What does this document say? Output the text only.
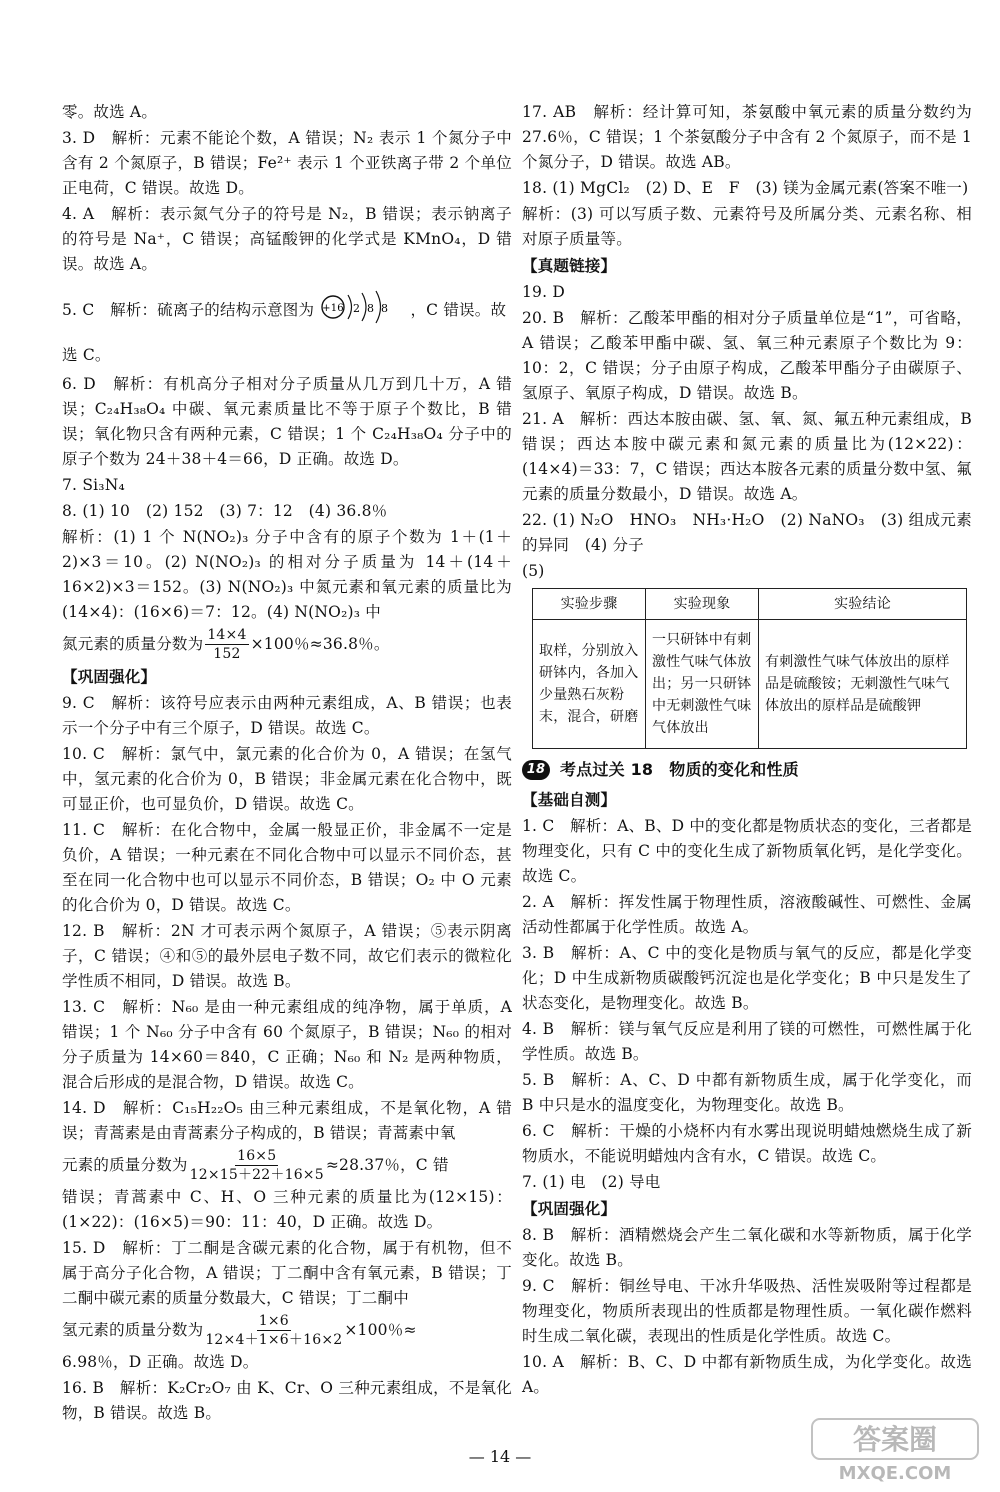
零。故选 A。

3. D　解析：元素不能论个数，A 错误；N₂ 表示 1 个氮分子中含有 2 个氮原子，B 错误；Fe²⁺ 表示 1 个亚铁离子带 2 个单位正电荷，C 错误。故选 D。

4. A　解析：表示氮气分子的符号是 N₂，B 错误；表示钠离子的符号是 Na⁺，C 错误；高锰酸钾的化学式是 KMnO₄，D 错误。故选 A。

5. C　解析：硫离子的结构示意图为 +16 2 8 8 ，C 错误。故
选 C。

6. D　解析：有机高分子相对分子质量从几万到几十万，A 错误；C₂₄H₃₈O₄ 中碳、氧元素质量比不等于原子个数比，B 错误；氧化物只含有两种元素，C 错误；1 个 C₂₄H₃₈O₄ 分子中的原子个数为 24＋38＋4＝66，D 正确。故选 D。

7. Si₃N₄

8. (1) 10　(2) 152　(3) 7：12　(4) 36.8％

解析：(1) 1 个 N(NO₂)₃ 分子中含有的原子个数为 1＋(1＋2)×3＝10。(2) N(NO₂)₃ 的相对分子质量为 14＋(14＋16×2)×3＝152。(3) N(NO₂)₃ 中氮元素和氧元素的质量比为(14×4)：(16×6)＝7：12。(4) N(NO₂)₃ 中

氮元素的质量分数为 $\frac{14\times 4}{152} \times 100$％≈36.8％。

【巩固强化】

9. C　解析：该符号应表示由两种元素组成，A、B 错误；也表示一个分子中有三个原子，D 错误。故选 C。

10. C　解析：氯气中，氯元素的化合价为 0，A 错误；在氢气中，氢元素的化合价为 0，B 错误；非金属元素在化合物中，既可显正价，也可显负价，D 错误。故选 C。

11. C　解析：在化合物中，金属一般显正价，非金属不一定是负价，A 错误；一种元素在不同化合物中可以显示不同价态，甚至在同一化合物中也可以显示不同价态，B 错误；O₂ 中 O 元素的化合价为 0，D 错误。故选 C。

12. B　解析：2N 才可表示两个氮原子，A 错误；⑤表示阴离子，C 错误；④和⑤的最外层电子数不同，故它们表示的微粒化学性质不相同，D 错误。故选 B。

13. C　解析：N₆₀ 是由一种元素组成的纯净物，属于单质，A 错误；1 个 N₆₀ 分子中含有 60 个氮原子，B 错误；N₆₀ 的相对分子质量为 14×60＝840，C 正确；N₆₀ 和 N₂ 是两种物质，混合后形成的是混合物，D 错误。故选 C。

14. D　解析：C₁₅H₂₂O₅ 由三种元素组成，不是氧化物，A 错误；青蒿素是由青蒿素分子构成的，B 错误；青蒿素中氧

元素的质量分数为 $\frac{16\times 5}{12\times 15+22+16\times 5} \approx 28.37$％，C 错

错误；青蒿素中 C、H、O 三种元素的质量比为(12×15)：(1×22)：(16×5)＝90：11：40，D 正确。故选 D。

15. D　解析：丁二酮是含碳元素的化合物，属于有机物，但不属于高分子化合物，A 错误；丁二酮中含有氧元素，B 错误；丁二酮中碳元素的质量分数最大，C 错误；丁二酮中

氢元素的质量分数为 $\frac{1\times 6}{12\times 4+1\times 6+16\times 2} \times 100$％≈

6.98％，D 正确。故选 D。

16. B　解析：K₂Cr₂O₇ 由 K、Cr、O 三种元素组成，不是氧化物，B 错误。故选 B。

17. AB　解析：经计算可知，茶氨酸中氧元素的质量分数约为 27.6％，C 错误；1 个茶氨酸分子中含有 2 个氮原子，而不是 1 个氮分子，D 错误。故选 AB。

18. (1) MgCl₂　(2) D、E　F　(3) 镁为金属元素(答案不唯一)

解析：(3) 可以写质子数、元素符号及所属分类、元素名称、相对原子质量等。

【真题链接】

19. D

20. B　解析：乙酸苯甲酯的相对分子质量单位是“1”，可省略，A 错误；乙酸苯甲酯中碳、氢、氧三种元素原子个数比为 9：10：2，C 错误；分子由原子构成，乙酸苯甲酯分子由碳原子、氢原子、氧原子构成，D 错误。故选 B。

21. A　解析：西达本胺由碳、氢、氧、氮、氟五种元素组成，B 错误；西达本胺中碳元素和氮元素的质量比为(12×22)：(14×4)＝33：7，C 错误；西达本胺各元素的质量分数中氢、氟元素的质量分数最小，D 错误。故选 A。

22. (1) N₂O　HNO₃　NH₃·H₂O　(2) NaNO₃　(3) 组成元素的异同　(4) 分子

(5)

实验步骤	实验现象	实验结论
取样，分别放入研钵内，各加入少量熟石灰粉末，混合，研磨	一只研钵中有刺激性气味气体放出；另一只研钵中无刺激性气味气体放出	有刺激性气味气体放出的原样品是硫酸铵；无刺激性气味气体放出的原样品是硫酸钾
18 考点过关 18 物质的变化和性质

【基础自测】

1. C　解析：A、B、D 中的变化都是物质状态的变化，三者都是物理变化，只有 C 中的变化生成了新物质氧化钙，是化学变化。故选 C。

2. A　解析：挥发性属于物理性质，溶液酸碱性、可燃性、金属活动性都属于化学性质。故选 A。

3. B　解析：A、C 中的变化是物质与氧气的反应，都是化学变化；D 中生成新物质碳酸钙沉淀也是化学变化；B 中只是发生了状态变化，是物理变化。故选 B。

4. B　解析：镁与氧气反应是利用了镁的可燃性，可燃性属于化学性质。故选 B。

5. B　解析：A、C、D 中都有新物质生成，属于化学变化，而 B 中只是水的温度变化，为物理变化。故选 B。

6. C　解析：干燥的小烧杯内有水雾出现说明蜡烛燃烧生成了新物质水，不能说明蜡烛内含有水，C 错误。故选 C。

7. (1) 电　(2) 导电

【巩固强化】

8. B　解析：酒精燃烧会产生二氧化碳和水等新物质，属于化学变化。故选 B。

9. C　解析：铜丝导电、干冰升华吸热、活性炭吸附等过程都是物理变化，物质所表现出的性质都是物理性质。一氧化碳作燃料时生成二氧化碳，表现出的性质是化学性质。故选 C。

10. A　解析：B、C、D 中都有新物质生成，为化学变化。故选 A。

— 14 —
答案圈
MXQE.COM
